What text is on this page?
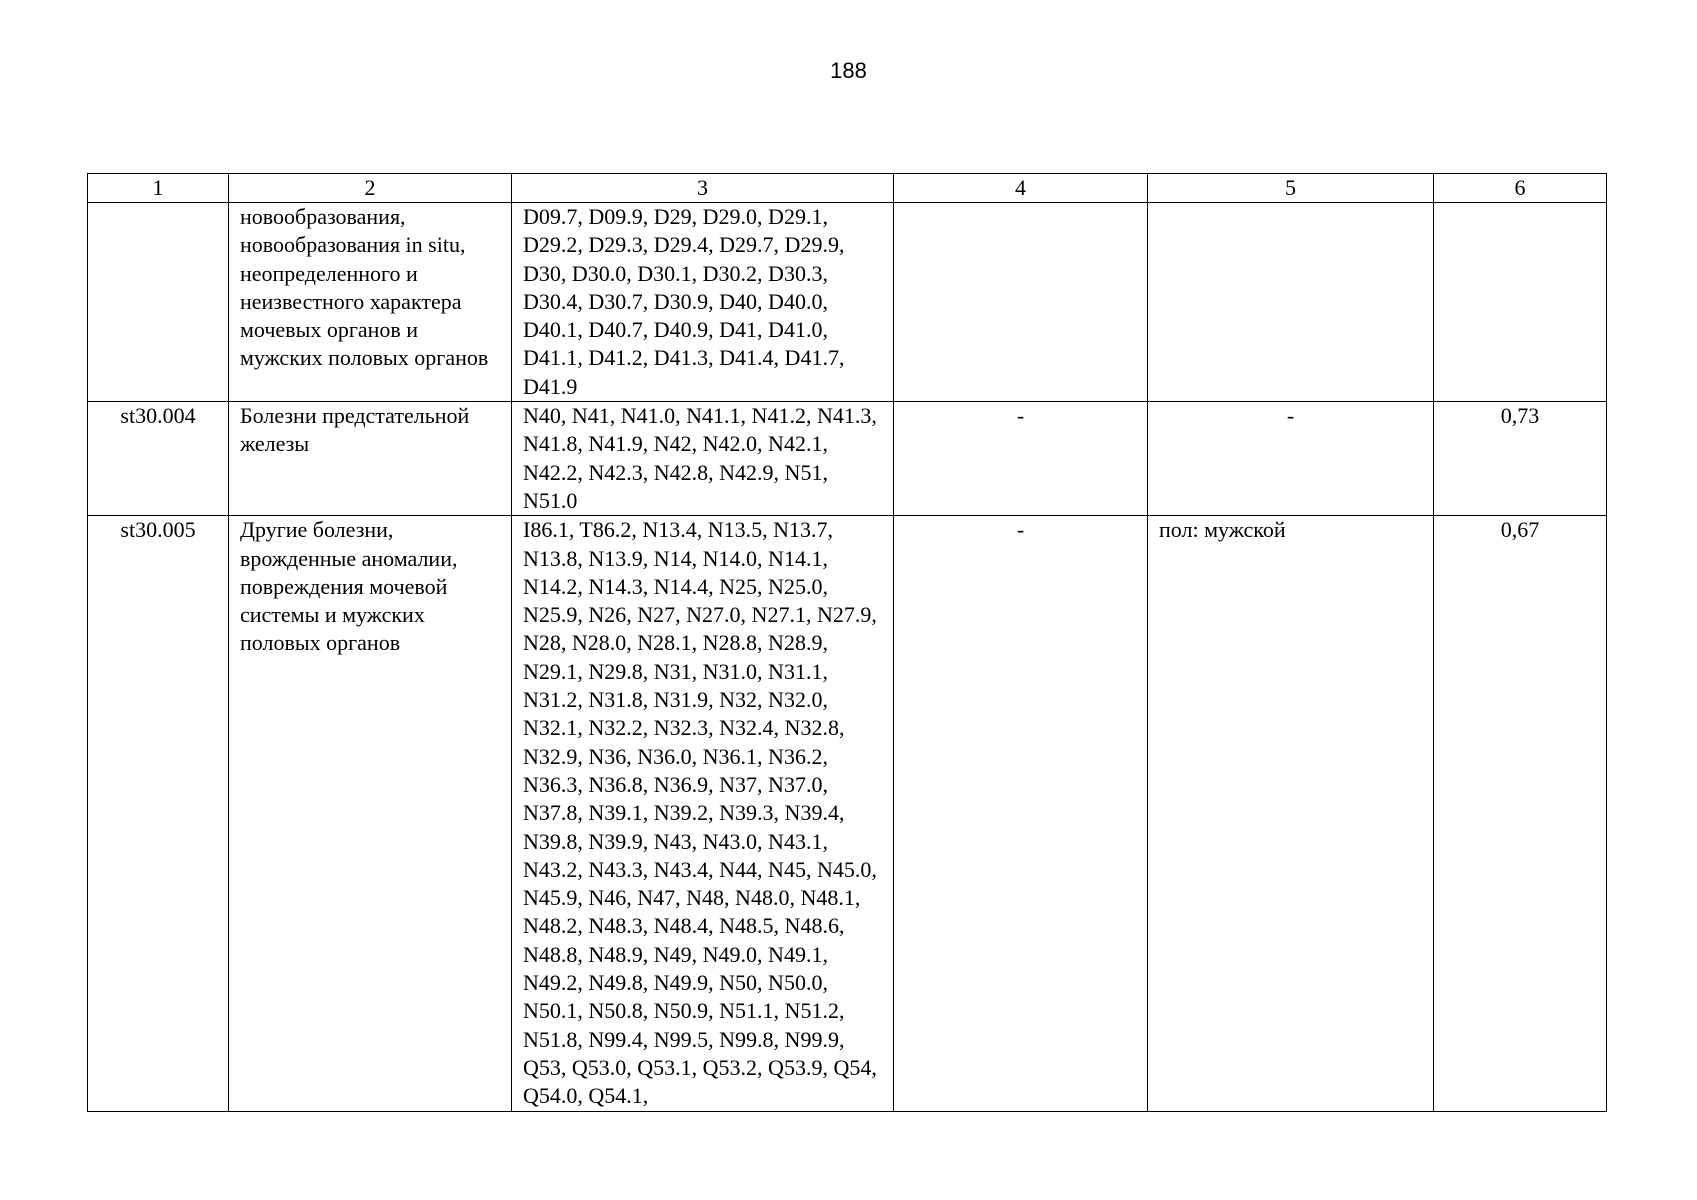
188
1	2	3	4	5	6
	новообразования, новообразования in situ, неопределенного и неизвестного характера мочевых органов и мужских половых органов	D09.7, D09.9, D29, D29.0, D29.1, D29.2, D29.3, D29.4, D29.7, D29.9, D30, D30.0, D30.1, D30.2, D30.3, D30.4, D30.7, D30.9, D40, D40.0, D40.1, D40.7, D40.9, D41, D41.0, D41.1, D41.2, D41.3, D41.4, D41.7, D41.9			
st30.004	Болезни предстательной железы	N40, N41, N41.0, N41.1, N41.2, N41.3, N41.8, N41.9, N42, N42.0, N42.1, N42.2, N42.3, N42.8, N42.9, N51, N51.0	-	-	0,73
st30.005	Другие болезни, врожденные аномалии, повреждения мочевой системы и мужских половых органов	I86.1, T86.2, N13.4, N13.5, N13.7, N13.8, N13.9, N14, N14.0, N14.1, N14.2, N14.3, N14.4, N25, N25.0, N25.9, N26, N27, N27.0, N27.1, N27.9, N28, N28.0, N28.1, N28.8, N28.9, N29.1, N29.8, N31, N31.0, N31.1, N31.2, N31.8, N31.9, N32, N32.0, N32.1, N32.2, N32.3, N32.4, N32.8, N32.9, N36, N36.0, N36.1, N36.2, N36.3, N36.8, N36.9, N37, N37.0, N37.8, N39.1, N39.2, N39.3, N39.4, N39.8, N39.9, N43, N43.0, N43.1, N43.2, N43.3, N43.4, N44, N45, N45.0, N45.9, N46, N47, N48, N48.0, N48.1, N48.2, N48.3, N48.4, N48.5, N48.6, N48.8, N48.9, N49, N49.0, N49.1, N49.2, N49.8, N49.9, N50, N50.0, N50.1, N50.8, N50.9, N51.1, N51.2, N51.8, N99.4, N99.5, N99.8, N99.9, Q53, Q53.0, Q53.1, Q53.2, Q53.9, Q54, Q54.0, Q54.1,	-	пол: мужской	0,67
